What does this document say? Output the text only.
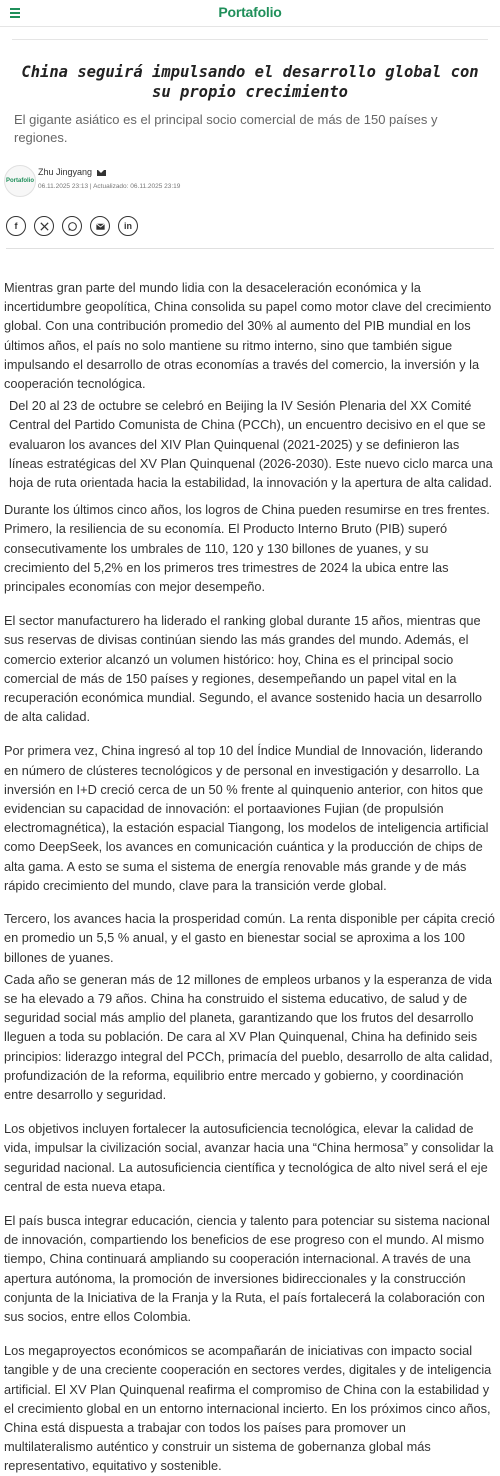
Portafolio
China seguirá impulsando el desarrollo global con su propio crecimiento
El gigante asiático es el principal socio comercial de más de 150 países y regiones.
Portafolio
Zhu Jingyang
06.11.2025 23:13 | Actualizado: 06.11.2025 23:19
f	in

Mientras gran parte del mundo lidia con la desaceleración económica y la incertidumbre geopolítica, China consolida su papel como motor clave del crecimiento global. Con una contribución promedio del 30% al aumento del PIB mundial en los últimos años, el país no solo mantiene su ritmo interno, sino que también sigue impulsando el desarrollo de otras economías a través del comercio, la inversión y la cooperación tecnológica.

Del 20 al 23 de octubre se celebró en Beijing la IV Sesión Plenaria del XX Comité Central del Partido Comunista de China (PCCh), un encuentro decisivo en el que se evaluaron los avances del XIV Plan Quinquenal (2021-2025) y se definieron las líneas estratégicas del XV Plan Quinquenal (2026-2030). Este nuevo ciclo marca una hoja de ruta orientada hacia la estabilidad, la innovación y la apertura de alta calidad.

Durante los últimos cinco años, los logros de China pueden resumirse en tres frentes. Primero, la resiliencia de su economía. El Producto Interno Bruto (PIB) superó consecutivamente los umbrales de 110, 120 y 130 billones de yuanes, y su crecimiento del 5,2% en los primeros tres trimestres de 2024 la ubica entre las principales economías con mejor desempeño.

El sector manufacturero ha liderado el ranking global durante 15 años, mientras que sus reservas de divisas continúan siendo las más grandes del mundo. Además, el comercio exterior alcanzó un volumen histórico: hoy, China es el principal socio comercial de más de 150 países y regiones, desempeñando un papel vital en la recuperación económica mundial. Segundo, el avance sostenido hacia un desarrollo de alta calidad.

Por primera vez, China ingresó al top 10 del Índice Mundial de Innovación, liderando en número de clústeres tecnológicos y de personal en investigación y desarrollo. La inversión en I+D creció cerca de un 50 % frente al quinquenio anterior, con hitos que evidencian su capacidad de innovación: el portaaviones Fujian (de propulsión electromagnética), la estación espacial Tiangong, los modelos de inteligencia artificial como DeepSeek, los avances en comunicación cuántica y la producción de chips de alta gama. A esto se suma el sistema de energía renovable más grande y de más rápido crecimiento del mundo, clave para la transición verde global.

Tercero, los avances hacia la prosperidad común. La renta disponible per cápita creció en promedio un 5,5 % anual, y el gasto en bienestar social se aproxima a los 100 billones de yuanes.

Cada año se generan más de 12 millones de empleos urbanos y la esperanza de vida se ha elevado a 79 años. China ha construido el sistema educativo, de salud y de seguridad social más amplio del planeta, garantizando que los frutos del desarrollo lleguen a toda su población. De cara al XV Plan Quinquenal, China ha definido seis principios: liderazgo integral del PCCh, primacía del pueblo, desarrollo de alta calidad, profundización de la reforma, equilibrio entre mercado y gobierno, y coordinación entre desarrollo y seguridad.

Los objetivos incluyen fortalecer la autosuficiencia tecnológica, elevar la calidad de vida, impulsar la civilización social, avanzar hacia una “China hermosa” y consolidar la seguridad nacional. La autosuficiencia científica y tecnológica de alto nivel será el eje central de esta nueva etapa.

El país busca integrar educación, ciencia y talento para potenciar su sistema nacional de innovación, compartiendo los beneficios de ese progreso con el mundo. Al mismo tiempo, China continuará ampliando su cooperación internacional. A través de una apertura autónoma, la promoción de inversiones bidireccionales y la construcción conjunta de la Iniciativa de la Franja y la Ruta, el país fortalecerá la colaboración con sus socios, entre ellos Colombia.

Los megaproyectos económicos se acompañarán de iniciativas con impacto social tangible y de una creciente cooperación en sectores verdes, digitales y de inteligencia artificial. El XV Plan Quinquenal reafirma el compromiso de China con la estabilidad y el crecimiento global en un entorno internacional incierto. En los próximos cinco años, China está dispuesta a trabajar con todos los países para promover un multilateralismo auténtico y construir un sistema de gobernanza global más representativo, equitativo y sostenible.
